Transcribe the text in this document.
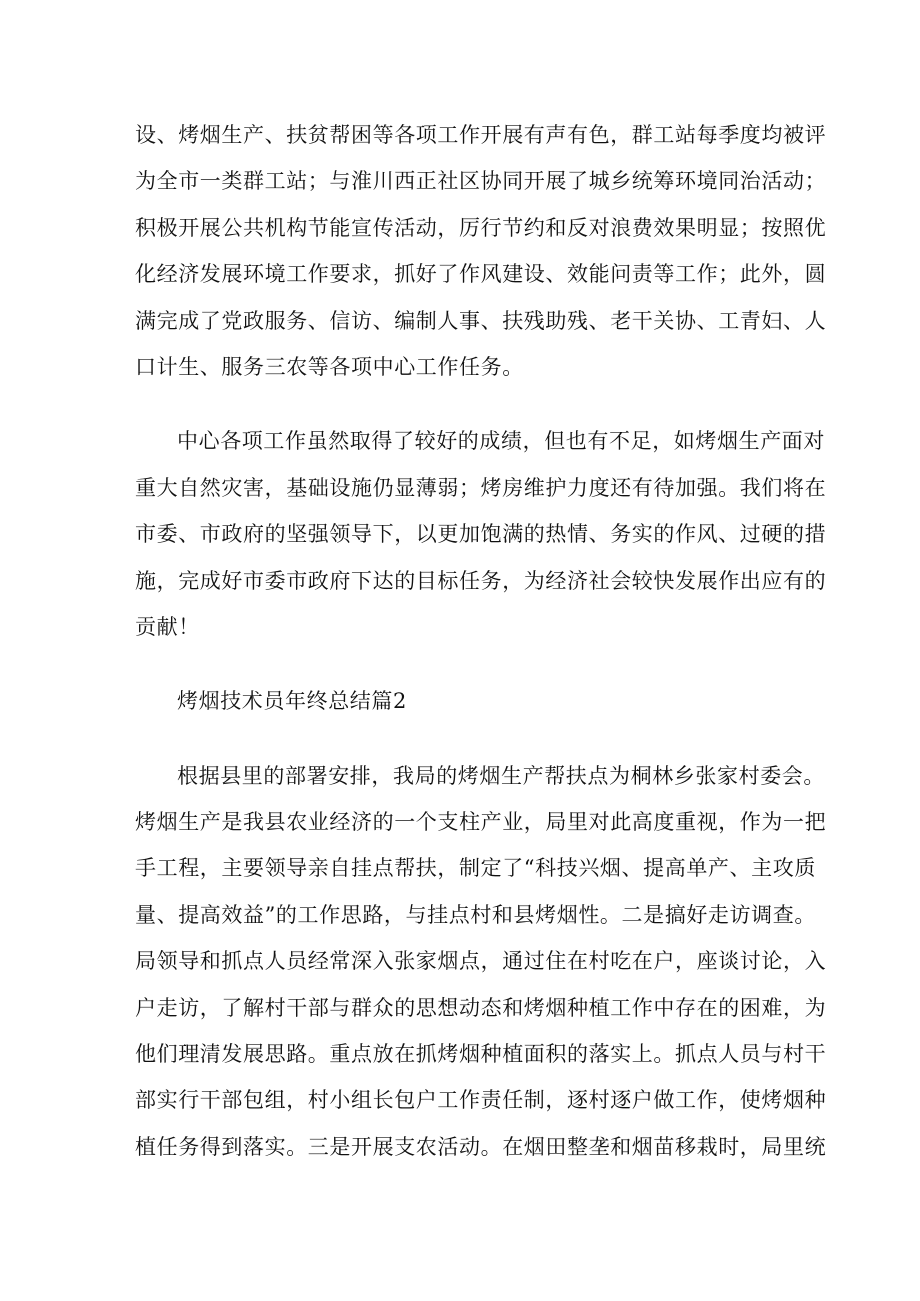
设、烤烟生产、扶贫帮困等各项工作开展有声有色，群工站每季度均被评
为全市一类群工站；与淮川西正社区协同开展了城乡统筹环境同治活动；
积极开展公共机构节能宣传活动，厉行节约和反对浪费效果明显；按照优
化经济发展环境工作要求，抓好了作风建设、效能问责等工作；此外，圆
满完成了党政服务、信访、编制人事、扶残助残、老干关协、工青妇、人
口计生、服务三农等各项中心工作任务。
中心各项工作虽然取得了较好的成绩，但也有不足，如烤烟生产面对
重大自然灾害，基础设施仍显薄弱；烤房维护力度还有待加强。我们将在
市委、市政府的坚强领导下，以更加饱满的热情、务实的作风、过硬的措
施，完成好市委市政府下达的目标任务，为经济社会较快发展作出应有的
贡献！
烤烟技术员年终总结篇2
根据县里的部署安排，我局的烤烟生产帮扶点为桐林乡张家村委会。
烤烟生产是我县农业经济的一个支柱产业，局里对此高度重视，作为一把
手工程，主要领导亲自挂点帮扶，制定了“科技兴烟、提高单产、主攻质
量、提高效益”的工作思路，与挂点村和县烤烟性。二是搞好走访调查。
局领导和抓点人员经常深入张家烟点，通过住在村吃在户，座谈讨论，入
户走访，了解村干部与群众的思想动态和烤烟种植工作中存在的困难，为
他们理清发展思路。重点放在抓烤烟种植面积的落实上。抓点人员与村干
部实行干部包组，村小组长包户工作责任制，逐村逐户做工作，使烤烟种
植任务得到落实。三是开展支农活动。在烟田整垄和烟苗移栽时，局里统
